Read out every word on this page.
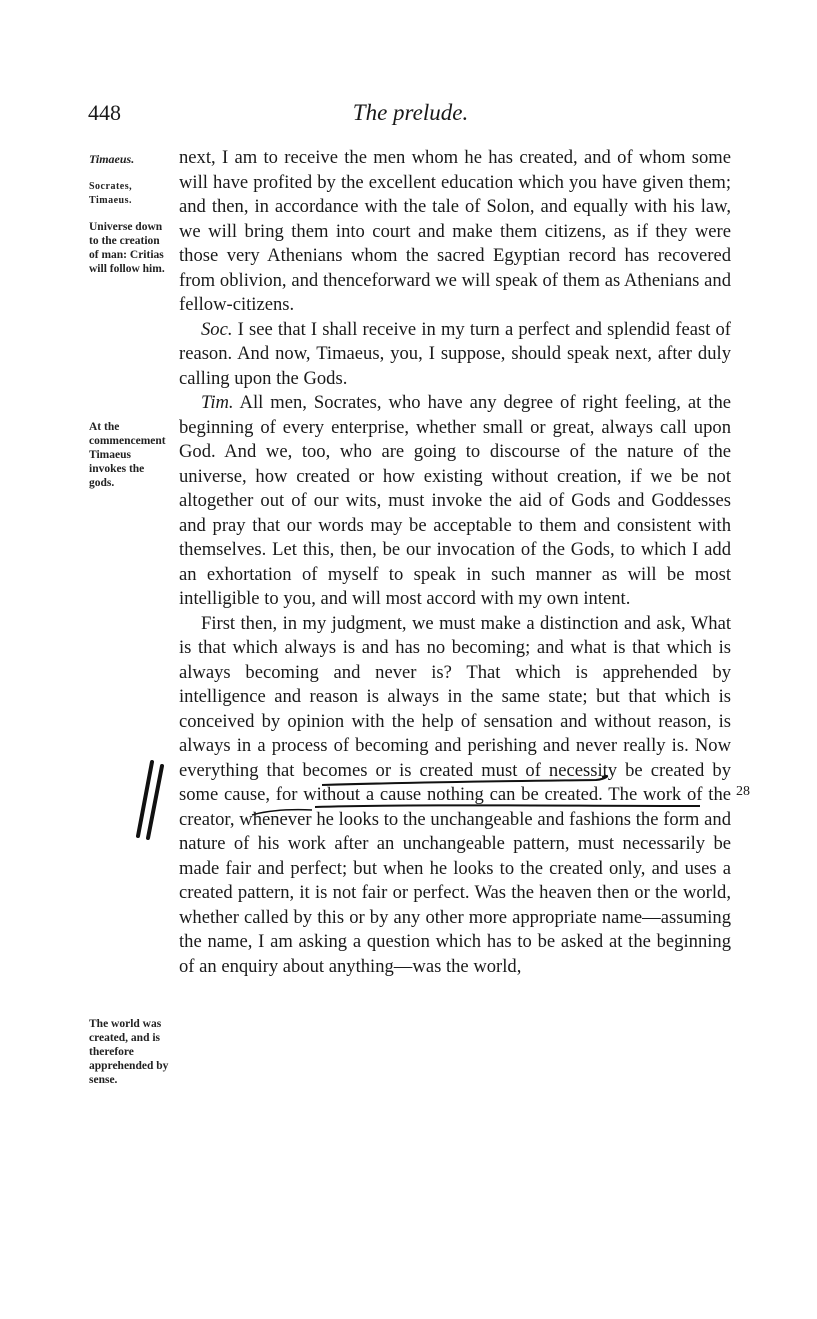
448	The prelude.
Timaeus.
Socrates, Timaeus.
Universe down to the creation of man: Critias will follow him.
At the commencement Timaeus invokes the gods.
The world was created, and is therefore apprehended by sense.

next, I am to receive the men whom he has created, and of whom some will have profited by the excellent education which you have given them; and then, in accordance with the tale of Solon, and equally with his law, we will bring them into court and make them citizens, as if they were those very Athenians whom the sacred Egyptian record has recovered from oblivion, and thenceforward we will speak of them as Athenians and fellow-citizens.

Soc. I see that I shall receive in my turn a perfect and splendid feast of reason. And now, Timaeus, you, I suppose, should speak next, after duly calling upon the Gods.

Tim. All men, Socrates, who have any degree of right feeling, at the beginning of every enterprise, whether small or great, always call upon God. And we, too, who are going to discourse of the nature of the universe, how created or how existing without creation, if we be not altogether out of our wits, must invoke the aid of Gods and Goddesses and pray that our words may be acceptable to them and consistent with themselves. Let this, then, be our invocation of the Gods, to which I add an exhortation of myself to speak in such manner as will be most intelligible to you, and will most accord with my own intent.

First then, in my judgment, we must make a distinction and ask, What is that which always is and has no becoming; and what is that which is always becoming and never is? That which is apprehended by intelligence and reason is always in the same state; but that which is conceived by opinion with the help of sensation and without reason, is always in a process of becoming and perishing and never really is. Now everything that becomes or is created must of necessity be created by some cause, for without a cause nothing can be created. The work of the creator, whenever he looks to the unchangeable and fashions the form and nature of his work after an unchangeable pattern, must necessarily be made fair and perfect; but when he looks to the created only, and uses a created pattern, it is not fair or perfect. Was the heaven then or the world, whether called by this or by any other more appropriate name—assuming the name, I am asking a question which has to be asked at the beginning of an enquiry about anything—was the world,

28
